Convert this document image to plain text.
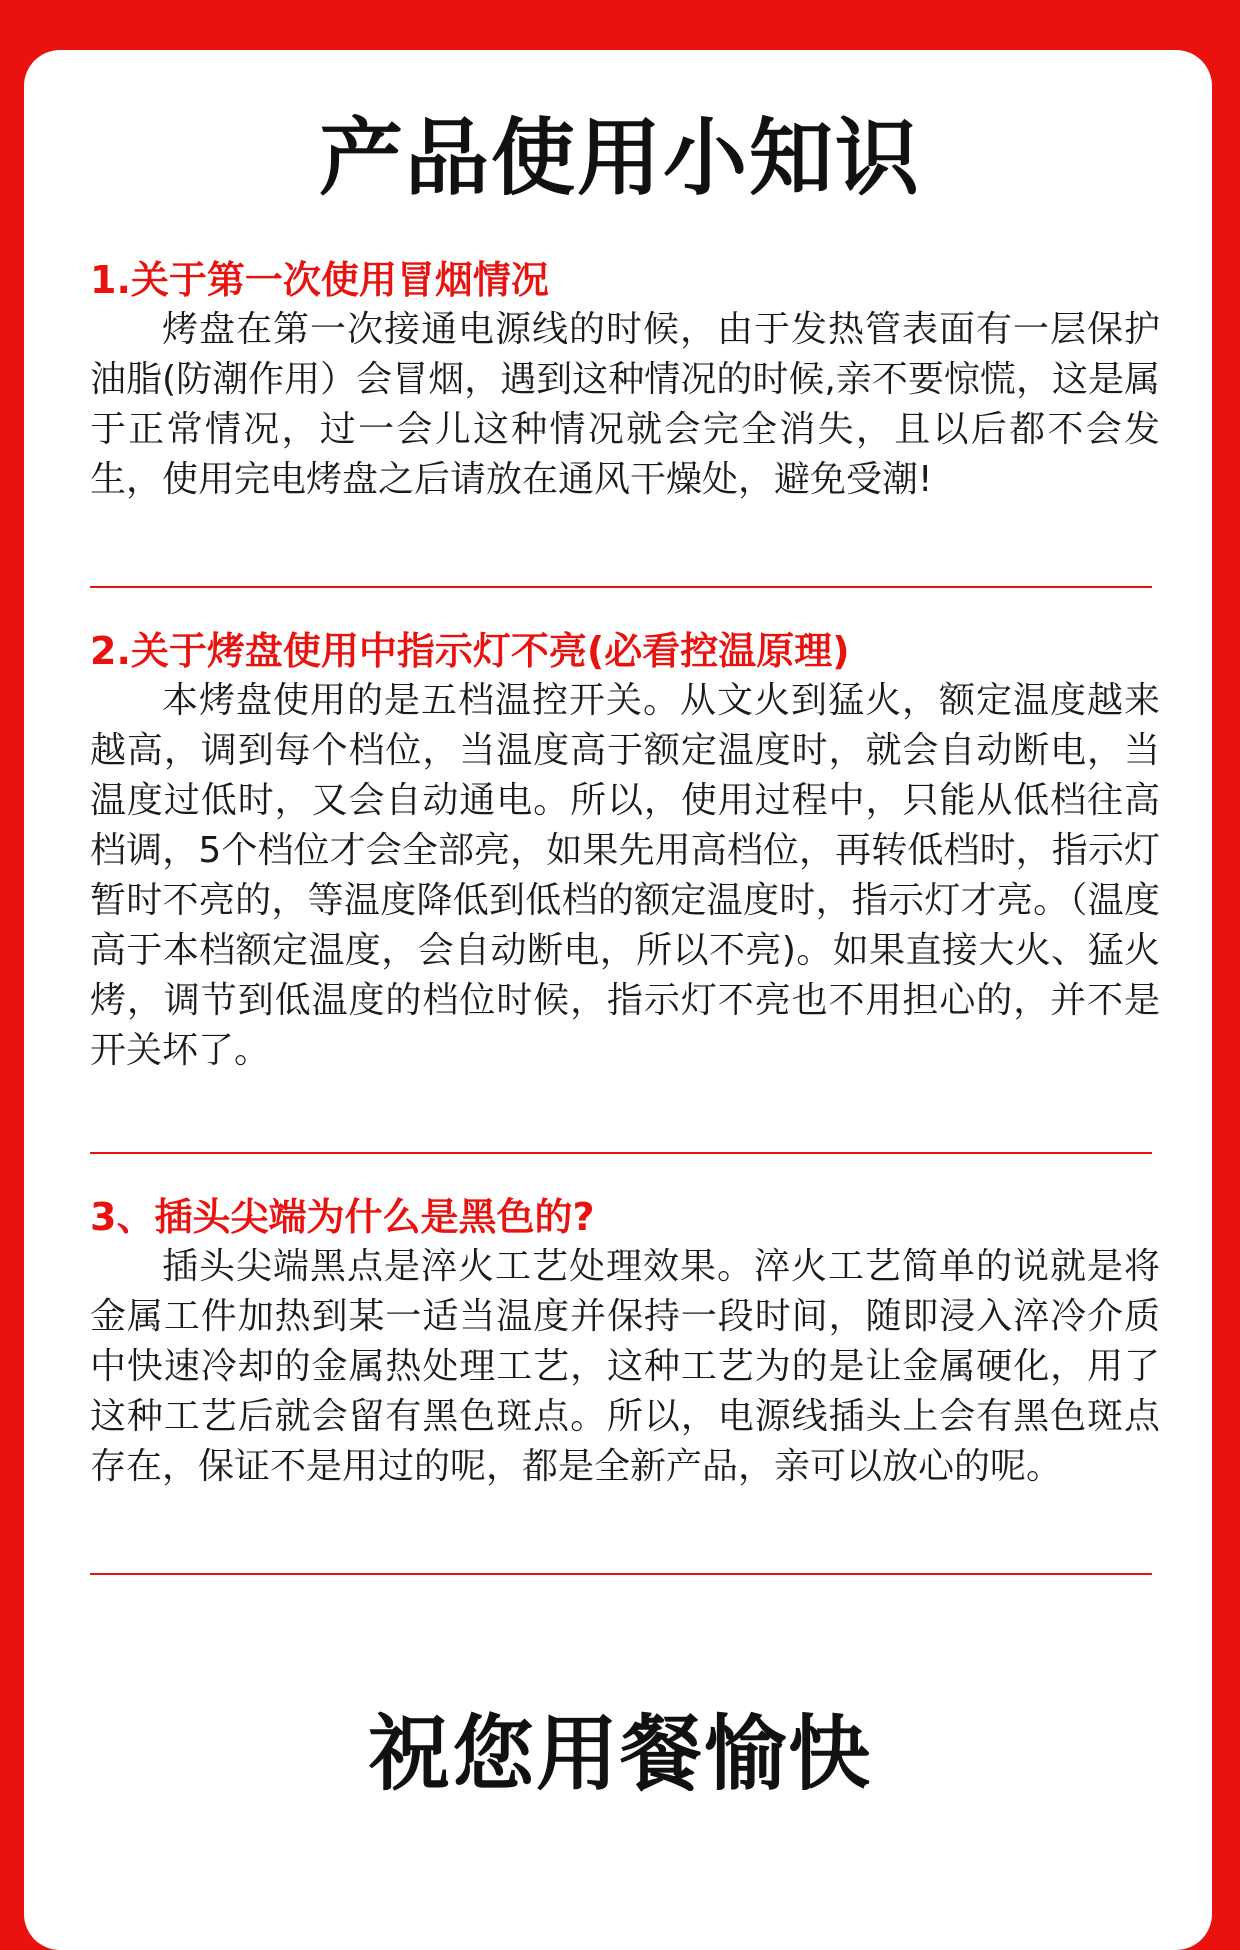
产品使用小知识
1.关于第一次使用冒烟情况

烤盘在第一次接通电源线的时候，由于发热管表面有一层保护油脂(防潮作用）会冒烟，遇到这种情况的时候,亲不要惊慌，这是属于正常情况，过一会儿这种情况就会完全消失，且以后都不会发生，使用完电烤盘之后请放在通风干燥处，避免受潮!

2.关于烤盘使用中指示灯不亮(必看控温原理)

本烤盘使用的是五档温控开关。从文火到猛火，额定温度越来越高，调到每个档位，当温度高于额定温度时，就会自动断电，当温度过低时，又会自动通电。所以，使用过程中，只能从低档往高档调，5个档位才会全部亮，如果先用高档位，再转低档时，指示灯暂时不亮的，等温度降低到低档的额定温度时，指示灯才亮。（温度高于本档额定温度，会自动断电，所以不亮)。如果直接大火、猛火烤，调节到低温度的档位时候，指示灯不亮也不用担心的，并不是开关坏了。

3、插头尖端为什么是黑色的?

插头尖端黑点是淬火工艺处理效果。淬火工艺简单的说就是将金属工件加热到某一适当温度并保持一段时间，随即浸入淬冷介质中快速冷却的金属热处理工艺，这种工艺为的是让金属硬化，用了这种工艺后就会留有黑色斑点。所以，电源线插头上会有黑色斑点存在，保证不是用过的呢，都是全新产品，亲可以放心的呢。

祝您用餐愉快
